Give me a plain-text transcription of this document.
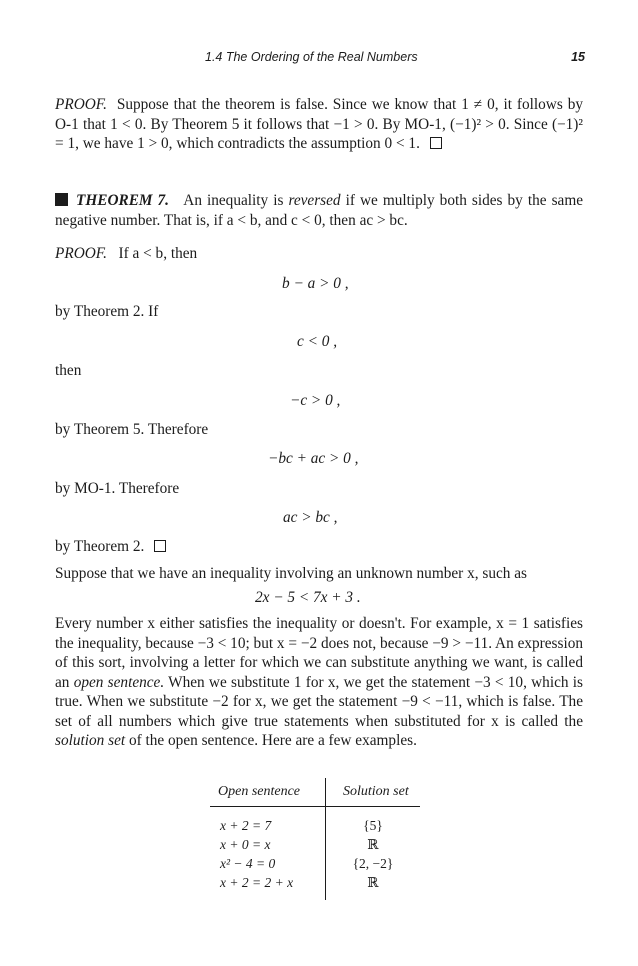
1.4 The Ordering of the Real Numbers	15
PROOF. Suppose that the theorem is false. Since we know that 1 ≠ 0, it follows by O-1 that 1 < 0. By Theorem 5 it follows that −1 > 0. By MO-1, (−1)² > 0. Since (−1)² = 1, we have 1 > 0, which contradicts the assumption 0 < 1.
THEOREM 7. An inequality is reversed if we multiply both sides by the same negative number. That is, if a < b, and c < 0, then ac > bc.
PROOF. If a < b, then
b − a > 0 ,
by Theorem 2. If
c < 0 ,
then
−c > 0 ,
by Theorem 5. Therefore
−bc + ac > 0 ,
by MO-1. Therefore
ac > bc ,
by Theorem 2.
Suppose that we have an inequality involving an unknown number x, such as
2x − 5 < 7x + 3 .
Every number x either satisfies the inequality or doesn't. For example, x = 1 satisfies the inequality, because −3 < 10; but x = −2 does not, because −9 > −11. An expression of this sort, involving a letter for which we can substitute anything we want, is called an open sentence. When we substitute 1 for x, we get the statement −3 < 10, which is true. When we substitute −2 for x, we get the statement −9 < −11, which is false. The set of all numbers which give true statements when substituted for x is called the solution set of the open sentence. Here are a few examples.
Open sentence	Solution set
x + 2 = 7	{5}
x + 0 = x	ℝ
x² − 4 = 0	{2, −2}
x + 2 = 2 + x	ℝ
